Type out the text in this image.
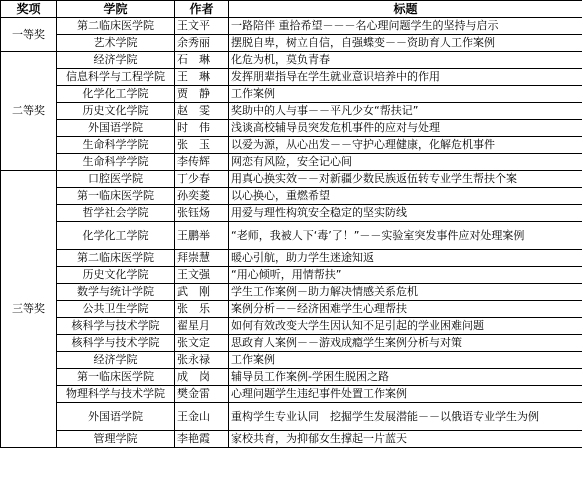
奖项	学院	作者	标题
一等奖	第二临床医学院	王文平	一路陪伴 重拾希望－－－名心理问题学生的坚持与启示
	艺术学院	余秀丽	摆脱自卑，树立自信，自强蝶变－－资助育人工作案例
二等奖	经济学院	石　琳	化危为机，莫负青春
	信息科学与工程学院	王　琳	发挥朋辈指导在学生就业意识培养中的作用
	化学化工学院	贾　静	工作案例
	历史文化学院	赵　雯	奖助中的人与事－－平凡少女“帮扶记”
	外国语学院	时　伟	浅谈高校辅导员突发危机事件的应对与处理
	生命科学学院	张　玉	以爱为源，从心出发－－守护心理健康，化解危机事件
	生命科学学院	李传辉	网恋有风险，安全记心间
三等奖	口腔医学院	丁少春	用真心换实效－－对新疆少数民族返伍转专业学生帮扶个案
	第一临床医学院	孙奕菱	以心换心，重燃希望
	哲学社会学院	张钰炀	用爱与理性构筑安全稳定的坚实防线
	化学化工学院	王鹏举	“老师，我被人下‘毒’了！”－－实验室突发事件应对处理案例
	第二临床医学院	拜崇慧	暖心引航，助力学生迷途知返
	历史文化学院	王文强	“用心倾听，用情帮扶”
	数学与统计学院	武　刚	学生工作案例－助力解决情感关系危机
	公共卫生学院	张　乐	案例分析－－经济困难学生心理帮扶
	核科学与技术学院	翟星月	如何有效改变大学生因认知不足引起的学业困难问题
	核科学与技术学院	张文定	思政育人案例－－游戏成瘾学生案例分析与对策
	经济学院	张永禄	工作案例
	第一临床医学院	成　岗	辅导员工作案例-学困生脱困之路
	物理科学与技术学院	樊金雷	心理问题学生违纪事件处置工作案例
	外国语学院	王金山	重构学生专业认同　挖掘学生发展潜能－－以俄语专业学生为例
	管理学院	李艳霞	家校共育，为抑郁女生撑起一片蓝天
